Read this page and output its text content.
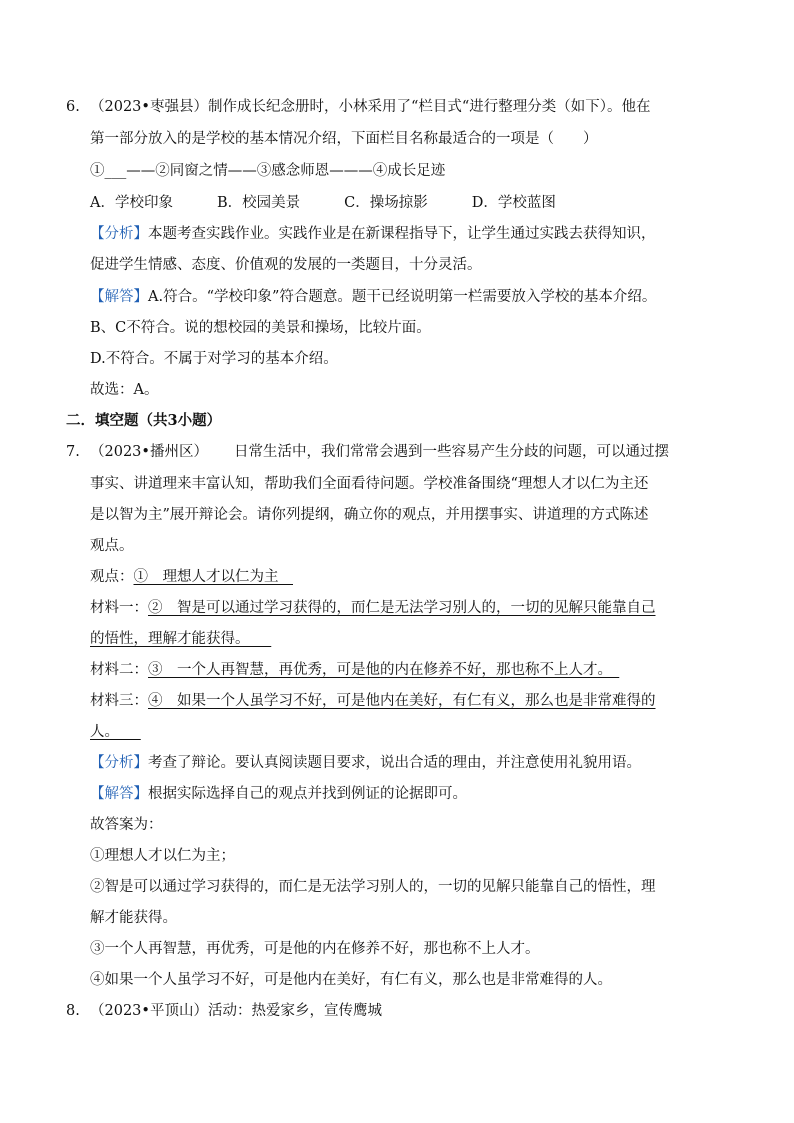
6. （2023•枣强县）制作成长纪念册时，小林采用了“栏目式“进行整理分类（如下）。他在
第一部分放入的是学校的基本情况介绍，下面栏目名称最适合的一项是（　　）
①___——②同窗之情——③感念师恩———④成长足迹
A．学校印象	B．校园美景	C．操场掠影	D．学校蓝图
【分析】本题考查实践作业。实践作业是在新课程指导下，让学生通过实践去获得知识，
促进学生情感、态度、价值观的发展的一类题目，十分灵活。
【解答】A.符合。“学校印象”符合题意。题干已经说明第一栏需要放入学校的基本介绍。
B、C不符合。说的想校园的美景和操场，比较片面。
D.不符合。不属于对学习的基本介绍。
故选：A。
二．填空题（共3小题）
7. （2023•播州区） 日常生活中，我们常常会遇到一些容易产生分歧的问题，可以通过摆
事实、讲道理来丰富认知，帮助我们全面看待问题。学校准备围绕“理想人才以仁为主还
是以智为主”展开辩论会。请你列提纲，确立你的观点，并用摆事实、讲道理的方式陈述
观点。
观点：①　理想人才以仁为主　
材料一：②　智是可以通过学习获得的，而仁是无法学习别人的，一切的见解只能靠自己
的悟性，理解才能获得。　　
材料二：③　一个人再智慧，再优秀，可是他的内在修养不好，那也称不上人才。　
材料三：④　如果一个人虽学习不好，可是他内在美好，有仁有义，那么也是非常难得的
人。　　
【分析】考查了辩论。要认真阅读题目要求，说出合适的理由，并注意使用礼貌用语。
【解答】根据实际选择自己的观点并找到例证的论据即可。
故答案为：
①理想人才以仁为主；
②智是可以通过学习获得的，而仁是无法学习别人的，一切的见解只能靠自己的悟性，理
解才能获得。
③一个人再智慧，再优秀，可是他的内在修养不好，那也称不上人才。
④如果一个人虽学习不好，可是他内在美好，有仁有义，那么也是非常难得的人。
8. （2023•平顶山）活动：热爱家乡，宣传鹰城
